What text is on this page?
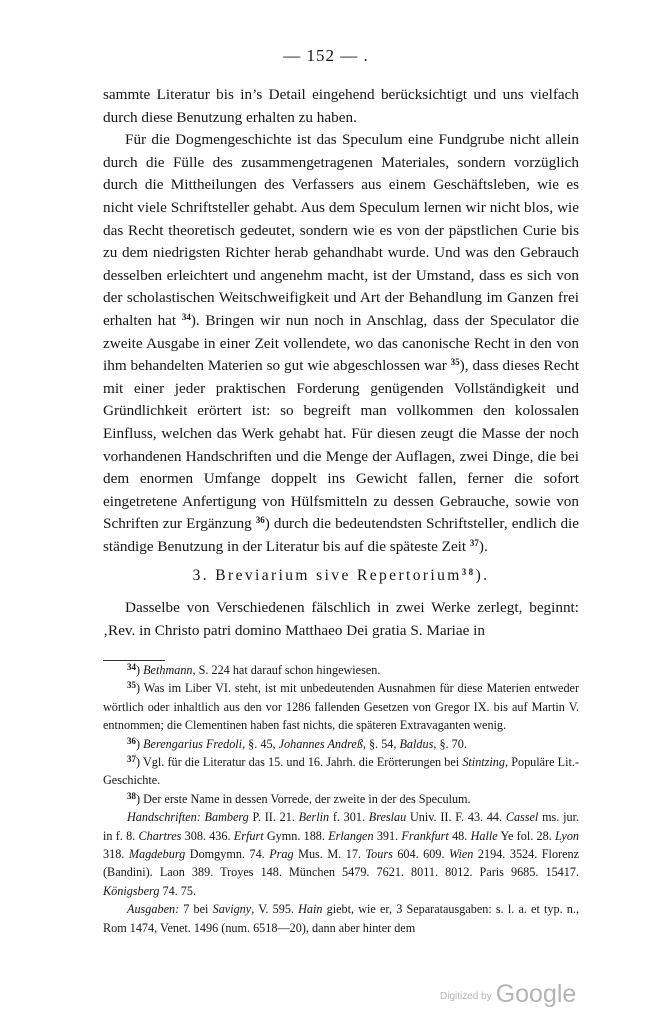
— 152 — .

sammte Literatur bis in’s Detail eingehend berücksichtigt und uns vielfach durch diese Benutzung erhalten zu haben.

Für die Dogmengeschichte ist das Speculum eine Fundgrube nicht allein durch die Fülle des zusammengetragenen Materiales, sondern vorzüglich durch die Mittheilungen des Verfassers aus einem Geschäftsleben, wie es nicht viele Schriftsteller gehabt. Aus dem Speculum lernen wir nicht blos, wie das Recht theoretisch gedeutet, sondern wie es von der päpstlichen Curie bis zu dem niedrigsten Richter herab gehandhabt wurde. Und was den Gebrauch desselben erleichtert und angenehm macht, ist der Umstand, dass es sich von der scholastischen Weitschweifigkeit und Art der Behandlung im Ganzen frei erhalten hat $^{34}$). Bringen wir nun noch in Anschlag, dass der Speculator die zweite Ausgabe in einer Zeit vollendete, wo das canonische Recht in den von ihm behandelten Materien so gut wie abgeschlossen war $^{35}$), dass dieses Recht mit einer jeder praktischen Forderung genügenden Vollständigkeit und Gründlichkeit erörtert ist: so begreift man vollkommen den kolossalen Einfluss, welchen das Werk gehabt hat. Für diesen zeugt die Masse der noch vorhandenen Handschriften und die Menge der Auflagen, zwei Dinge, die bei dem enormen Umfange doppelt ins Gewicht fallen, ferner die sofort eingetretene Anfertigung von Hülfsmitteln zu dessen Gebrauche, sowie von Schriften zur Ergänzung $^{36}$) durch die bedeutendsten Schriftsteller, endlich die ständige Benutzung in der Literatur bis auf die späteste Zeit $^{37}$).

3. Breviarium sive Repertorium$^{38}$).

Dasselbe von Verschiedenen fälschlich in zwei Werke zerlegt, beginnt: ‚Rev. in Christo patri domino Matthaeo Dei gratia S. Mariae in

$^{34}$) Bethmann, S. 224 hat darauf schon hingewiesen.

$^{35}$) Was im Liber VI. steht, ist mit unbedeutenden Ausnahmen für diese Materien entweder wörtlich oder inhaltlich aus den vor 1286 fallenden Gesetzen von Gregor IX. bis auf Martin V. entnommen; die Clementinen haben fast nichts, die späteren Extravaganten wenig.

$^{36}$) Berengarius Fredoli, §. 45, Johannes Andreß, §. 54, Baldus, §. 70.

$^{37}$) Vgl. für die Literatur das 15. und 16. Jahrh. die Erörterungen bei Stintzing, Populäre Lit.-Geschichte.

$^{38}$) Der erste Name in dessen Vorrede, der zweite in der des Speculum.

Handschriften: Bamberg P. II. 21. Berlin f. 301. Breslau Univ. II. F. 43. 44. Cassel ms. jur. in f. 8. Chartres 308. 436. Erfurt Gymn. 188. Erlangen 391. Frankfurt 48. Halle Ye fol. 28. Lyon 318. Magdeburg Domgymn. 74. Prag Mus. M. 17. Tours 604. 609. Wien 2194. 3524. Florenz (Bandini). Laon 389. Troyes 148. München 5479. 7621. 8011. 8012. Paris 9685. 15417. Königsberg 74. 75.

Ausgaben: 7 bei Savigny, V. 595. Hain giebt, wie er, 3 Separatausgaben: s. l. a. et typ. n., Rom 1474, Venet. 1496 (num. 6518—20), dann aber hinter dem

Digitized by Google
